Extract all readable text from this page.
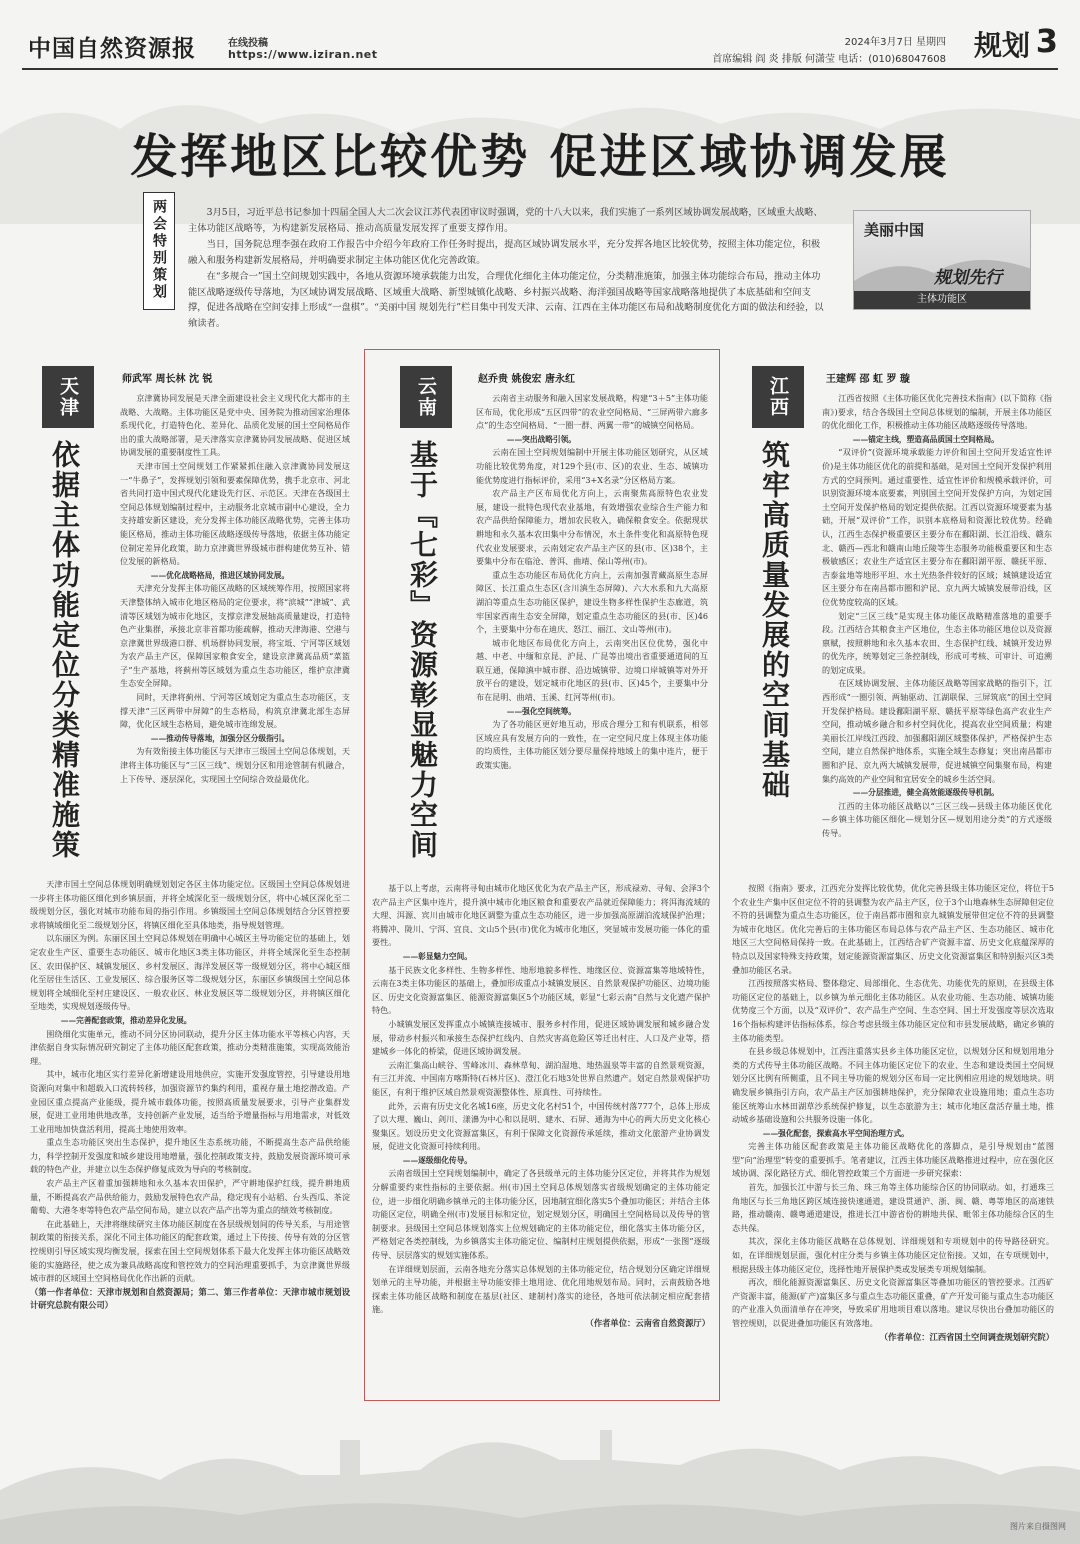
中国自然资源报	在线投稿
https://www.iziran.net
2024年3月7日 星期四
首席编辑 阎 炎 排版 何潇莹 电话：(010)68047608 规划 3
发挥地区比较优势 促进区域协调发展
两会特别策划	3月5日，习近平总书记参加十四届全国人大二次会议江苏代表团审议时强调，党的十八大以来，我们实施了一系列区域协调发展战略，区域重大战略、主体功能区战略等，为构建新发展格局、推动高质量发展发挥了重要支撑作用。

当日，国务院总理李强在政府工作报告中介绍今年政府工作任务时提出，提高区域协调发展水平，充分发挥各地区比较优势，按照主体功能定位，积极融入和服务构建新发展格局，并明确要求制定主体功能区优化完善政策。

在“多规合一”国土空间规划实践中，各地从资源环境承载能力出发，合理优化细化主体功能定位，分类精准施策，加强主体功能综合布局，推动主体功能区战略逐级传导落地，为区域协调发展战略、区域重大战略、新型城镇化战略、乡村振兴战略、海洋强国战略等国家战略落地提供了本底基础和空间支撑，促进各战略在空间安排上形成“一盘棋”。“美丽中国 规划先行”栏目集中刊发天津、云南、江西在主体功能区布局和战略制度优化方面的做法和经验，以飨读者。

美丽中国
规划先行
主体功能区
天津
依据主体功能定位分类精准施策
师武军 周长林 沈 锐

京津冀协同发展是天津全面建设社会主义现代化大都市的主战略、大战略。主体功能区是党中央、国务院为推动国家治理体系现代化，打造特色化、差异化、品质化发展的国土空间格局作出的重大战略部署，是天津落实京津冀协同发展战略、促进区域协调发展的重要制度性工具。

天津市国土空间规划工作紧紧抓住融入京津冀协同发展这一“牛鼻子”，发挥规划引领和要素保障优势，携手北京市、河北省共同打造中国式现代化建设先行区、示范区。天津在各级国土空间总体规划编制过程中，主动服务北京城市副中心建设，全力支持雄安新区建设，充分发挥主体功能区战略优势，完善主体功能区格局，推动主体功能区战略逐级传导落地，依据主体功能定位制定差异化政策，助力京津冀世界级城市群构建优势互补、错位发展的新格局。

——优化战略格局，推进区域协同发展。

天津充分发挥主体功能区战略的区域统筹作用，按照国家将天津整体纳入城市化地区格局的定位要求，将“滨城”“津城”、武清等区域划为城市化地区，支撑京津发展轴高质量建设，打造特色产业集群，承接北京非首都功能疏解，推动天津海港、空港与京津冀世界级港口群、机场群协同发展，将宝坻、宁河等区域划为农产品主产区，保障国家粮食安全，建设京津冀高品质“菜篮子”生产基地，将蓟州等区域划为重点生态功能区，维护京津冀生态安全屏障。

同时，天津将蓟州、宁河等区域划定为重点生态功能区，支撑天津“三区两带中屏障”的生态格局，构筑京津冀北部生态屏障，优化区域生态格局，避免城市连绵发展。

——推动传导落地，加强分区分级指引。

为有效衔接主体功能区与天津市三级国土空间总体规划，天津将主体功能区与“三区三线”、规划分区和用途管制有机融合，上下传导、逐层深化，实现国土空间综合效益最优化。

天津市国土空间总体规划明确规划划定各区主体功能定位。区级国土空间总体规划进一步将主体功能区细化到乡镇层面，并将全域深化至一级规划分区，将中心城区深化至二级规划分区，强化对城市功能布局的指引作用。乡镇级国土空间总体规划结合分区管控要求将镇域细化至二级规划分区，将镇区细化至具体地类，指导规划管理。

以东丽区为例。东丽区国土空间总体规划在明确中心城区主导功能定位的基础上，划定农业生产区、重要生态功能区、城市化地区3类主体功能区，并将全域深化至生态控制区、农田保护区、城镇发展区、乡村发展区、海洋发展区等一级规划分区，将中心城区细化至居住生活区、工业发展区、综合服务区等二级规划分区，东丽区乡镇级国土空间总体规划将全域细化至村庄建设区、一般农业区、林业发展区等二级规划分区，并将镇区细化至地类，实现规划逐级传导。

——完善配套政策，推动差异化发展。

围绕细化实施单元，推动不同分区协同联动，提升分区主体功能水平等核心内容，天津依据自身实际情况研究制定了主体功能区配套政策，推动分类精准施策，实现高效能治理。

其中，城市化地区实行差异化新增建设用地供应，实施开发强度管控，引导建设用地资源向对集中和超载入口流转转移，加强资源节约集约利用，重视存量土地挖潜改造。产业园区重点提高产业能级，提升城市载体功能，按照高质量发展要求，引导产业集群发展，促进工业用地供地改革，支持创新产业发展，适当给予增量指标与用地需求，对低效工业用地加快盘活利用，提高土地使用效率。

重点生态功能区突出生态保护，提升地区生态系统功能，不断提高生态产品供给能力，科学控制开发强度和城乡建设用地增量，强化控制政策支持，鼓励发展资源环境可承载的特色产业，并建立以生态保护修复成效为导向的考核制度。

农产品主产区着重加强耕地和永久基本农田保护，严守耕地保护红线，提升耕地质量，不断提高农产品供给能力，鼓励发展特色农产品，稳定现有小站稻、台头西瓜、茶淀葡萄、大港冬枣等特色农产品空间布局，建立以农产品产出等为重点的绩效考核制度。

在此基础上，天津将继续研究主体功能区制度在各层级规划间的传导关系，与用途管制政策的衔接关系，深化不同主体功能区的配套政策，通过上下传接、传导有效的分区管控规则引导区域实现均衡发展，探索在国土空间规划体系下最大化发挥主体功能区战略效能的实施路径，使之成为兼具战略高度和管控效力的空间治理重要抓手，为京津冀世界级城市群的区域国土空间格局优化作出新的贡献。

（第一作者单位：天津市规划和自然资源局；第二、第三作者单位：天津市城市规划设计研究总院有限公司）

云南
基于『七彩』资源彰显魅力空间
赵乔贵 姚俊宏 唐永红

云南省主动服务和融入国家发展战略，构建“3＋5”主体功能区布局，优化形成“五区四带”的农业空间格局、“三屏两带六廊多点”的生态空间格局、“一圈一群、两翼一带”的城镇空间格局。

——突出战略引领。

云南在国土空间规划编制中开展主体功能区划研究，从区域功能比较优势角度，对129个县(市、区)的农业、生态、城镇功能优势度进行指标评价，采用“3+X名录”分区格局方案。

农产品主产区布局优化方向上，云南聚焦高原特色农业发展，建设一批特色现代农业基地，有效增强农业综合生产能力和农产品供给保障能力，增加农民收入，确保粮食安全。依据现状耕地和永久基本农田集中分布情况，水土条件变化和高原特色现代农业发展要求，云南划定农产品主产区的县(市、区)38个，主要集中分布在临沧、普洱、曲靖、保山等州(市)。

重点生态功能区布局优化方向上，云南加强青藏高原生态屏障区、长江重点生态区(含川滇生态屏障)、六大水系和九大高原湖泊等重点生态功能区保护，建设生物多样性保护生态廊道，筑牢国家西南生态安全屏障，划定重点生态功能区的县(市、区)46个，主要集中分布在迪庆、怒江、丽江、文山等州(市)。

城市化地区布局优化方向上，云南突出区位优势，强化中越、中老、中缅和京昆、沪昆、广昆等出境出省重要通道间的互联互通，保障滇中城市群、沿边城镇带、边境口岸城镇等对外开放平台的建设，划定城市化地区的县(市、区)45个，主要集中分布在昆明、曲靖、玉溪、红河等州(市)。

——强化空间统筹。

为了各功能区更好地互动，形成合理分工和有机联系，相邻区域应具有发展方向的一致性，在一定空间尺度上体现主体功能的均质性，主体功能区划分要尽量保持地域上的集中连片，便于政策实施。

基于以上考虑，云南将寻甸由城市化地区优化为农产品主产区，形成禄劝、寻甸、会泽3个农产品主产区集中连片，提升滇中城市化地区粮食和重要农产品就近保障能力；将洱海流域的大理、洱源、宾川由城市化地区调整为重点生态功能区，进一步加强高原湖泊流域保护治理；将腾冲、陇川、宁洱、宜良、文山5个县(市)优化为城市化地区，突显城市发展功能一体化的重要性。

——彰显魅力空间。

基于民族文化多样性、生物多样性、地形地貌多样性、地缘区位、资源富集等地域特性，云南在3类主体功能区的基础上，叠加形成重点小城镇发展区、自然景观保护功能区、边境功能区、历史文化资源富集区、能源资源富集区5个功能区域，彰显“七彩云南”自然与文化遗产保护特色。

小城镇发展区发挥重点小城镇连接城市、服务乡村作用，促进区域协调发展和城乡融合发展，带动乡村振兴和承接生态保护红线内、自然灾害高危险区等迁出村庄、人口及产业等，搭建城乡一体化的桥梁，促进区域协调发展。

云南汇集高山峡谷、雪峰冰川、森林草甸、湖泊湿地、地热温泉等丰富的自然景观资源，有三江并流、中国南方喀斯特(石林片区)、澄江化石地3处世界自然遗产。划定自然景观保护功能区，有利于维护区域自然景观资源整体性、原真性、可持续性。

此外，云南有历史文化名城16座，历史文化名村51个，中国传统村落777个，总体上形成了以大理、巍山、剑川、漾濞为中心和以昆明、建水、石屏、通海为中心的两大历史文化核心聚集区。划设历史文化资源富集区，有利于保障文化资源传承延续，推动文化旅游产业协调发展，促进文化资源可持续利用。

——逐级细化传导。

云南省级国土空间规划编制中，确定了各县级单元的主体功能分区定位，并将其作为规划分解重要约束性指标的主要依据。州(市)国土空间总体规划落实省级规划确定的主体功能定位，进一步细化明确乡镇单元的主体功能分区，因地制宜细化落实5个叠加功能区；并结合主体功能区定位，明确全州(市)发展目标和定位，划定规划分区，明确国土空间格局以及传导的管制要求。县级国土空间总体规划落实上位规划确定的主体功能定位，细化落实主体功能分区，严格划定各类控制线，为乡镇落实主体功能定位、编制村庄规划提供依据，形成“一张图”逐级传导、层层落实的规划实施体系。

在详细规划层面，云南各地充分落实总体规划的主体功能定位，结合规划分区确定详细规划单元的主导功能，并根据主导功能安排土地用途、优化用地规划布局。同时，云南鼓励各地探索主体功能区战略和制度在基层(社区、建制村)落实的途径，各地可依法制定相应配套措施。

（作者单位：云南省自然资源厅）

江西
筑牢高质量发展的空间基础
王建辉 邵 虹 罗 璇

江西省按照《主体功能区优化完善技术指南》(以下简称《指南》)要求，结合各级国土空间总体规划的编制，开展主体功能区的优化细化工作，积极推动主体功能区战略逐级传导落地。

——锚定主线，塑造高品质国土空间格局。

“双评价”(资源环境承载能力评价和国土空间开发适宜性评价)是主体功能区优化的前提和基础，是对国土空间开发保护利用方式的空间预判。通过重要性、适宜性评价和规模承载评价，可识别资源环境本底要素，判别国土空间开发保护方向，为划定国土空间开发保护格局的划定提供依据。江西以资源环境要素为基础，开展“双评价”工作，识别本底格局和资源比较优势。经确认，江西生态保护极重要区主要分布在鄱阳湖、长江沿线、赣东北、赣西—西北和赣南山地丘陵等生态服务功能极重要区和生态极敏感区；农业生产适宜区主要分布在鄱阳湖平原、赣抚平原、吉泰盆地等地形平坦、水土光热条件较好的区域；城镇建设适宜区主要分布在南昌都市圈和沪昆、京九两大城镇发展带沿线，区位优势度较高的区域。

划定“三区三线”是实现主体功能区战略精准落地的重要手段。江西结合其粮食主产区地位，生态主体功能区地位以及资源禀赋，按照耕地和永久基本农田、生态保护红线、城镇开发边界的优先序，统筹划定三条控制线，形成可考核、可审计、可追溯的划定成果。

在区域协调发展、主体功能区战略等国家战略的指引下，江西形成“一圈引领、两轴驱动、江湖联保、三屏筑底”的国土空间开发保护格局。建设鄱阳湖平原、赣抚平原等绿色高产农业生产空间，推动城乡融合和乡村空间优化，提高农业空间质量；构建美丽长江岸线江西段、加强鄱阳湖区域整体保护，严格保护生态空间，建立自然保护地体系，实施全域生态修复；突出南昌都市圈和沪昆、京九两大城镇发展带，促进城镇空间集聚布局，构建集约高效的产业空间和宜居安全的城乡生活空间。

——分层推进，健全高效能逐级传导机制。

江西的主体功能区战略以“三区三线—县级主体功能区优化—乡镇主体功能区细化—规划分区—规划用途分类”的方式逐级传导。

按照《指南》要求，江西充分发挥比较优势，优化完善县级主体功能区定位，将位于5个农业生产集中区但定位不符的县调整为农产品主产区，位于3个山地森林生态屏障但定位不符的县调整为重点生态功能区，位于南昌都市圈和京九城镇发展带但定位不符的县调整为城市化地区。优化完善后的主体功能区布局总体与农产品主产区、生态功能区、城市化地区三大空间格局保持一致。在此基础上，江西结合矿产资源丰富、历史文化底蕴深厚的特点以及国家特殊支持政策，划定能源资源富集区、历史文化资源富集区和特别振兴区3类叠加功能区名录。

江西按照落实格局、整体稳定、局部细化、生态优先、功能优先的原则，在县级主体功能区定位的基础上，以乡镇为单元细化主体功能区。从农业功能、生态功能、城镇功能优势度三个方面，以及“双评价”、农产品生产空间、生态空间、国土开发强度等层次选取16个指标构建评估指标体系，综合考虑县级主体功能区定位和市县发展战略，确定乡镇的主体功能类型。

在县乡级总体规划中，江西注重落实县乡主体功能区定位，以规划分区和规划用地分类的方式传导主体功能区战略。不同主体功能区定位下的农业、生态和建设类国土空间规划分区比例有所侧重，且不同主导功能的规划分区布局一定比例相应用途的规划地块。明确发展乡镇指引方向，农产品主产区加强耕地保护，充分保障农业设施用地；重点生态功能区统筹山水林田湖草沙系统保护修复，以生态旅游为主；城市化地区盘活存量土地，推动城乡基础设施和公共服务设施一体化。

——强化配套，探索高水平空间治理方式。

完善主体功能区配套政策是主体功能区战略优化的落脚点，是引导规划由“蓝图型”向“治理型”转变的重要抓手。笔者建议，江西主体功能区战略推进过程中，应在强化区域协调、深化路径方式、细化管控政策三个方面进一步研究探索：

首先，加强长江中游与长三角、珠三角等主体功能综合区的协同联动。如，打通珠三角地区与长三角地区跨区域连接快速通道，建设贯通沪、浙、闽、赣、粤等地区的高速铁路，推动赣南、赣粤通道建设，推进长江中游省份的耕地共保、毗邻主体功能综合区的生态共保。

其次，深化主体功能区战略在总体规划、详细规划和专项规划中的传导路径研究。如，在详细规划层面，强化村庄分类与乡镇主体功能区定位衔接。又如，在专项规划中，根据县级主体功能区定位，选择性地开展保护类或发展类专项规划编制。

再次，细化能源资源富集区、历史文化资源富集区等叠加功能区的管控要求。江西矿产资源丰富，能源(矿产)富集区多与重点生态功能区重叠，矿产开发可能与重点生态功能区的产业准入负面清单存在冲突，导致采矿用地项目难以落地。建议尽快出台叠加功能区的管控规则，以促进叠加功能区有效落地。

（作者单位：江西省国土空间调查规划研究院）

图片来自摄图网
